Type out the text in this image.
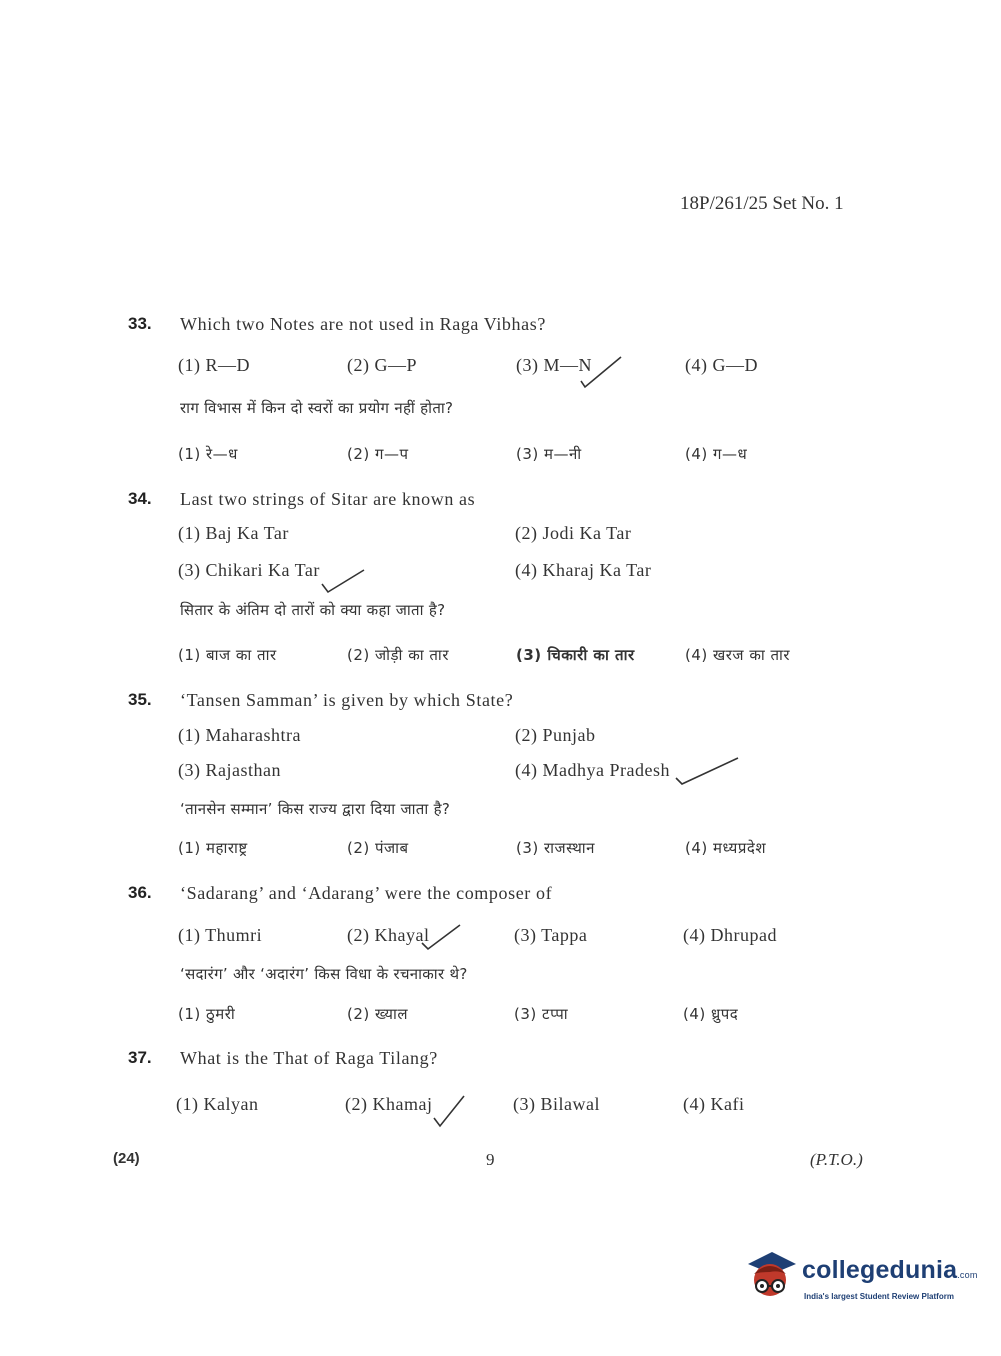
18P/261/25 Set No. 1
33. Which two Notes are not used in Raga Vibhas?
(1) R—D	(2) G—P	(3) M—N	(4) G—D
राग विभास में किन दो स्वरों का प्रयोग नहीं होता?
(1) रे—ध	(2) ग—प	(3) म—नी	(4) ग—ध
34. Last two strings of Sitar are known as
(1) Baj Ka Tar	(2) Jodi Ka Tar
(3) Chikari Ka Tar	(4) Kharaj Ka Tar
सितार के अंतिम दो तारों को क्या कहा जाता है?
(1) बाज का तार	(2) जोड़ी का तार	(3) चिकारी का तार	(4) खरज का तार
35. ‘Tansen Samman’ is given by which State?
(1) Maharashtra	(2) Punjab
(3) Rajasthan	(4) Madhya Pradesh
‘तानसेन सम्मान’ किस राज्य द्वारा दिया जाता है?
(1) महाराष्ट्र	(2) पंजाब	(3) राजस्थान	(4) मध्यप्रदेश
36. ‘Sadarang’ and ‘Adarang’ were the composer of
(1) Thumri	(2) Khayal	(3) Tappa	(4) Dhrupad
‘सदारंग’ और ‘अदारंग’ किस विधा के रचनाकार थे?
(1) ठुमरी	(2) ख्याल	(3) टप्पा	(4) ध्रुपद
37. What is the That of Raga Tilang?
(1) Kalyan	(2) Khamaj	(3) Bilawal	(4) Kafi
(24)	9	(P.T.O.)
collegedunia.com
India's largest Student Review Platform
